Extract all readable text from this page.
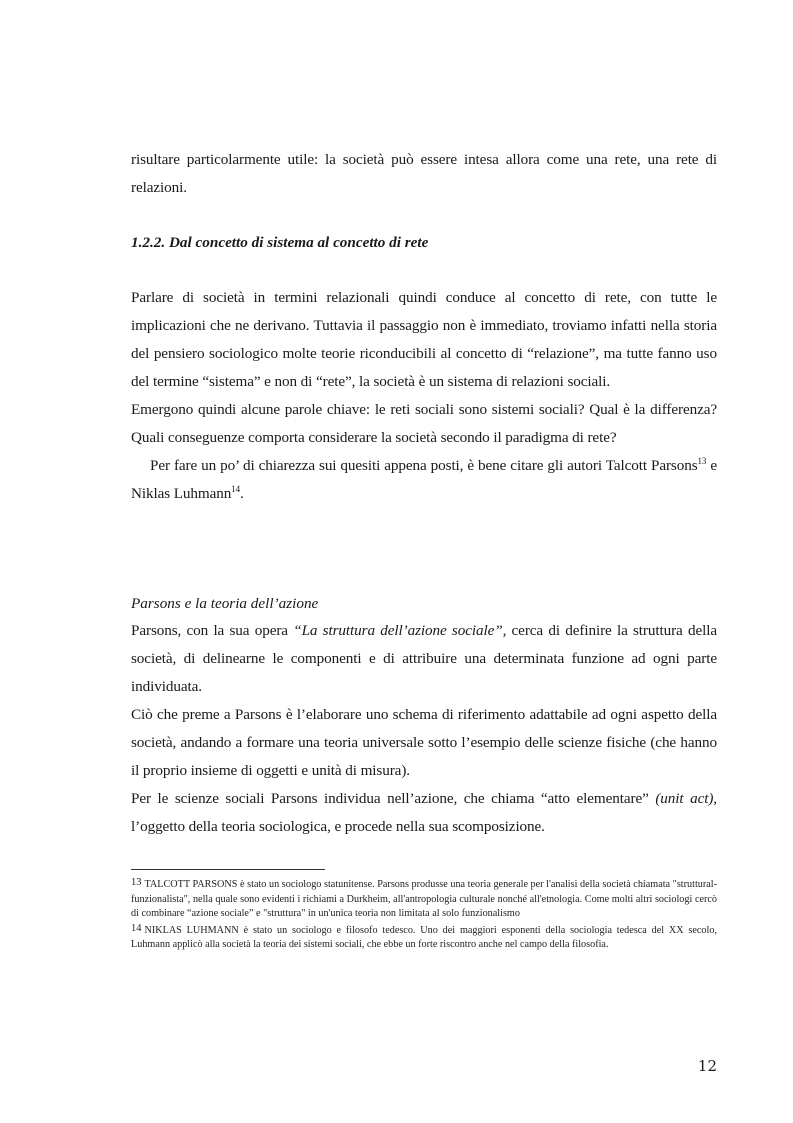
risultare particolarmente utile: la società può essere intesa allora come una rete, una rete di relazioni.

1.2.2. Dal concetto di sistema al concetto di rete

Parlare di società in termini relazionali quindi conduce al concetto di rete, con tutte le implicazioni che ne derivano. Tuttavia il passaggio non è immediato, troviamo infatti nella storia del pensiero sociologico molte teorie riconducibili al concetto di “relazione”, ma tutte fanno uso del termine “sistema” e non di “rete”, la società è un sistema di relazioni sociali.

Emergono quindi alcune parole chiave: le reti sociali sono sistemi sociali? Qual è la differenza? Quali conseguenze comporta considerare la società secondo il paradigma di rete?

Per fare un po’ di chiarezza sui quesiti appena posti, è bene citare gli autori Talcott Parsons$^{13}$ e Niklas Luhmann$^{14}$.

Parsons e la teoria dell’azione

Parsons, con la sua opera “La struttura dell’azione sociale”, cerca di definire la struttura della società, di delinearne le componenti e di attribuire una determinata funzione ad ogni parte individuata.

Ciò che preme a Parsons è l’elaborare uno schema di riferimento adattabile ad ogni aspetto della società, andando a formare una teoria universale sotto l’esempio delle scienze fisiche (che hanno il proprio insieme di oggetti e unità di misura).

Per le scienze sociali Parsons individua nell’azione, che chiama “atto elementare” (unit act), l’oggetto della teoria sociologica, e procede nella sua scomposizione.

13 TALCOTT PARSONS è stato un sociologo statunitense. Parsons produsse una teoria generale per l'analisi della società chiamata "struttural-funzionalista", nella quale sono evidenti i richiami a Durkheim, all'antropologia culturale nonché all'etnologia. Come molti altri sociologi cercò di combinare “azione sociale” e "struttura" in un'unica teoria non limitata al solo funzionalismo

14 NIKLAS LUHMANN è stato un sociologo e filosofo tedesco. Uno dei maggiori esponenti della sociologia tedesca del XX secolo, Luhmann applicò alla società la teoria dei sistemi sociali, che ebbe un forte riscontro anche nel campo della filosofia.

12
